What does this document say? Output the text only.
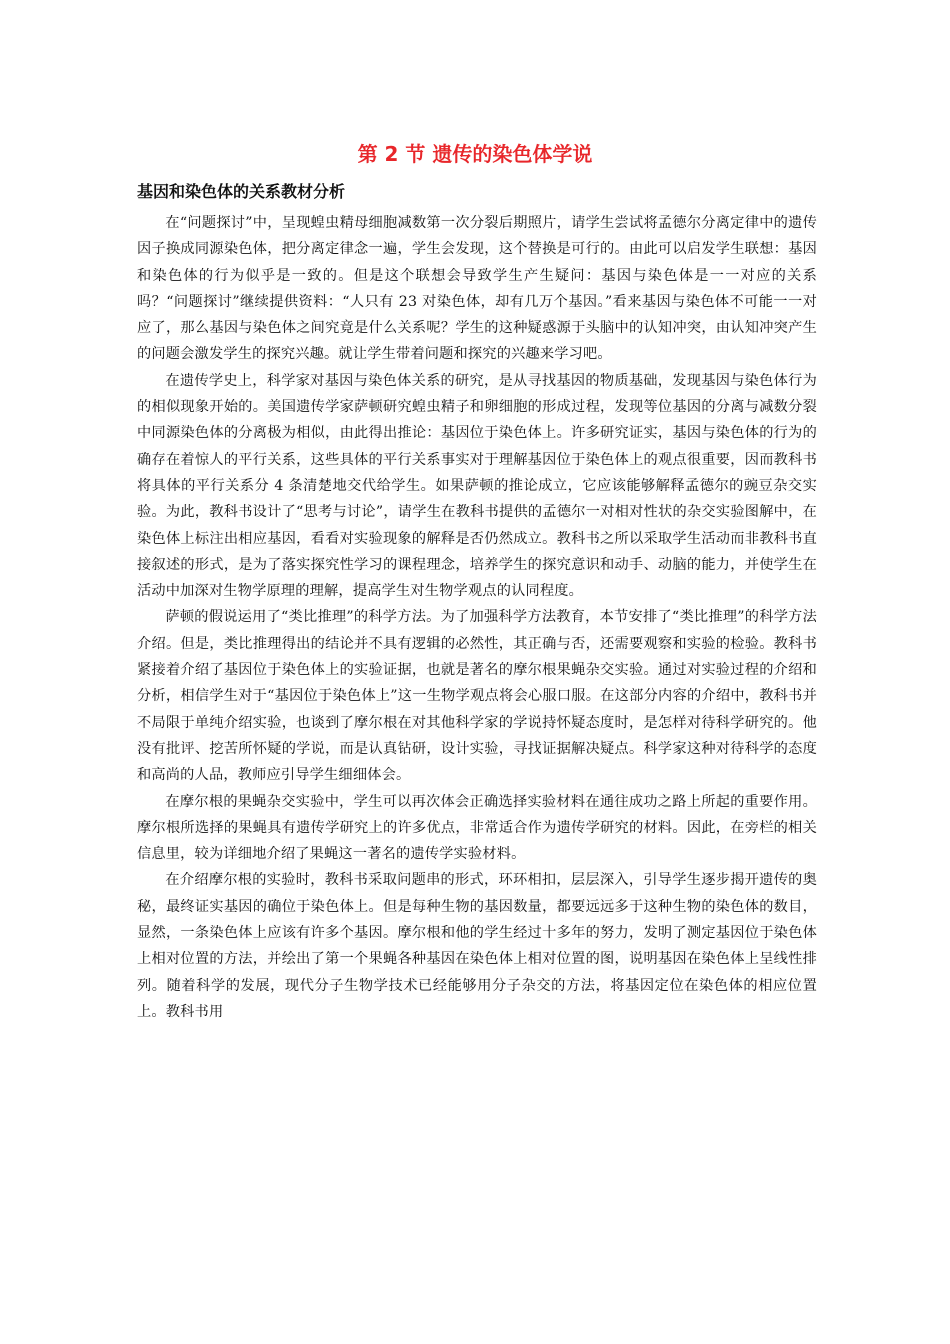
第 2 节 遗传的染色体学说
基因和染色体的关系教材分析

在“问题探讨”中，呈现蝗虫精母细胞减数第一次分裂后期照片，请学生尝试将孟德尔分离定律中的遗传因子换成同源染色体，把分离定律念一遍，学生会发现，这个替换是可行的。由此可以启发学生联想：基因和染色体的行为似乎是一致的。但是这个联想会导致学生产生疑问：基因与染色体是一一对应的关系吗？“问题探讨”继续提供资料：“人只有 23 对染色体，却有几万个基因。”看来基因与染色体不可能一一对应了，那么基因与染色体之间究竟是什么关系呢？学生的这种疑惑源于头脑中的认知冲突，由认知冲突产生的问题会激发学生的探究兴趣。就让学生带着问题和探究的兴趣来学习吧。

在遗传学史上，科学家对基因与染色体关系的研究，是从寻找基因的物质基础，发现基因与染色体行为的相似现象开始的。美国遗传学家萨顿研究蝗虫精子和卵细胞的形成过程，发现等位基因的分离与减数分裂中同源染色体的分离极为相似，由此得出推论：基因位于染色体上。许多研究证实，基因与染色体的行为的确存在着惊人的平行关系，这些具体的平行关系事实对于理解基因位于染色体上的观点很重要，因而教科书将具体的平行关系分 4 条清楚地交代给学生。如果萨顿的推论成立，它应该能够解释孟德尔的豌豆杂交实验。为此，教科书设计了“思考与讨论”，请学生在教科书提供的孟德尔一对相对性状的杂交实验图解中，在染色体上标注出相应基因，看看对实验现象的解释是否仍然成立。教科书之所以采取学生活动而非教科书直接叙述的形式，是为了落实探究性学习的课程理念，培养学生的探究意识和动手、动脑的能力，并使学生在活动中加深对生物学原理的理解，提高学生对生物学观点的认同程度。

萨顿的假说运用了“类比推理”的科学方法。为了加强科学方法教育，本节安排了“类比推理”的科学方法介绍。但是，类比推理得出的结论并不具有逻辑的必然性，其正确与否，还需要观察和实验的检验。教科书紧接着介绍了基因位于染色体上的实验证据，也就是著名的摩尔根果蝇杂交实验。通过对实验过程的介绍和分析，相信学生对于“基因位于染色体上”这一生物学观点将会心服口服。在这部分内容的介绍中，教科书并不局限于单纯介绍实验，也谈到了摩尔根在对其他科学家的学说持怀疑态度时，是怎样对待科学研究的。他没有批评、挖苦所怀疑的学说，而是认真钻研，设计实验，寻找证据解决疑点。科学家这种对待科学的态度和高尚的人品，教师应引导学生细细体会。

在摩尔根的果蝇杂交实验中，学生可以再次体会正确选择实验材料在通往成功之路上所起的重要作用。摩尔根所选择的果蝇具有遗传学研究上的许多优点，非常适合作为遗传学研究的材料。因此，在旁栏的相关信息里，较为详细地介绍了果蝇这一著名的遗传学实验材料。

在介绍摩尔根的实验时，教科书采取问题串的形式，环环相扣，层层深入，引导学生逐步揭开遗传的奥秘，最终证实基因的确位于染色体上。但是每种生物的基因数量，都要远远多于这种生物的染色体的数目，显然，一条染色体上应该有许多个基因。摩尔根和他的学生经过十多年的努力，发明了测定基因位于染色体上相对位置的方法，并绘出了第一个果蝇各种基因在染色体上相对位置的图，说明基因在染色体上呈线性排列。随着科学的发展，现代分子生物学技术已经能够用分子杂交的方法，将基因定位在染色体的相应位置上。教科书用
